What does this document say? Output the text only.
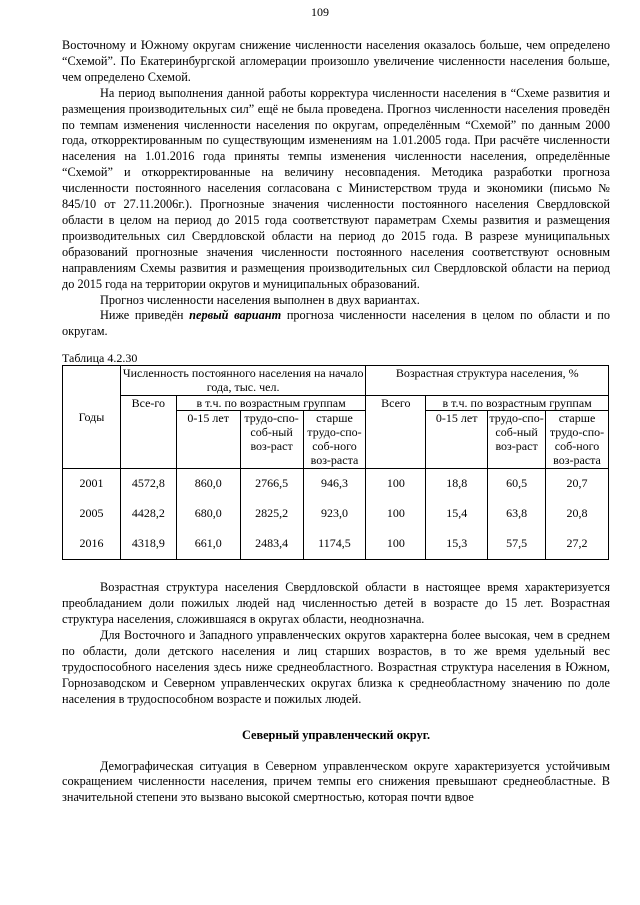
109

Восточному и Южному округам снижение численности населения оказалось больше, чем определено “Схемой”. По Екатеринбургской агломерации произошло увеличение численности населения больше, чем определено Схемой.

На период выполнения данной работы корректура численности населения в “Схеме развития и размещения производительных сил” ещё не была проведена. Прогноз численности населения проведён по темпам изменения численности населения по округам, определённым “Схемой” по данным 2000 года, откорректированным по существующим изменениям на 1.01.2005 года. При расчёте численности населения на 1.01.2016 года приняты темпы изменения численности населения, определённые “Схемой” и откорректированные на величину несовпадения. Методика разработки прогноза численности постоянного населения согласована с Министерством труда и экономики (письмо № 845/10 от 27.11.2006г.). Прогнозные значения численности постоянного населения Свердловской области в целом на период до 2015 года соответствуют параметрам Схемы развития и размещения производительных сил Свердловской области на период до 2015 года. В разрезе муниципальных образований прогнозные значения численности постоянного населения соответствуют основным направлениям Схемы развития и размещения производительных сил Свердловской области на период до 2015 года на территории округов и муниципальных образований.

Прогноз численности населения выполнен в двух вариантах.

Ниже приведён первый вариант прогноза численности населения в целом по области и по округам.

Таблица 4.2.30
Годы	Численность постоянного населения на начало года, тыс. чел.				Возрастная структура населения, %			
	Все-го	в т.ч. по возрастным группам			Всего	в т.ч. по возрастным группам		
		0-15 лет	трудо-спо-соб-ный воз-раст	старше трудо-спо-соб-ного воз-раста		0-15 лет	трудо-спо-соб-ный воз-раст	старше трудо-спо-соб-ного воз-раста
2001	4572,8	860,0	2766,5	946,3	100	18,8	60,5	20,7
2005	4428,2	680,0	2825,2	923,0	100	15,4	63,8	20,8
2016	4318,9	661,0	2483,4	1174,5	100	15,3	57,5	27,2

Возрастная структура населения Свердловской области в настоящее время характеризуется преобладанием доли пожилых людей над численностью детей в возрасте до 15 лет. Возрастная структура населения, сложившаяся в округах области, неоднозначна.

Для Восточного и Западного управленческих округов характерна более высокая, чем в среднем по области, доли детского населения и лиц старших возрастов, в то же время удельный вес трудоспособного населения здесь ниже среднеобластного. Возрастная структура населения в Южном, Горнозаводском и Северном управленческих округах близка к среднеобластному значению по доле населения в трудоспособном возрасте и пожилых людей.

Северный управленческий округ.

Демографическая ситуация в Северном управленческом округе характеризуется устойчивым сокращением численности населения, причем темпы его снижения превышают среднеобластные. В значительной степени это вызвано высокой смертностью, которая почти вдвое
